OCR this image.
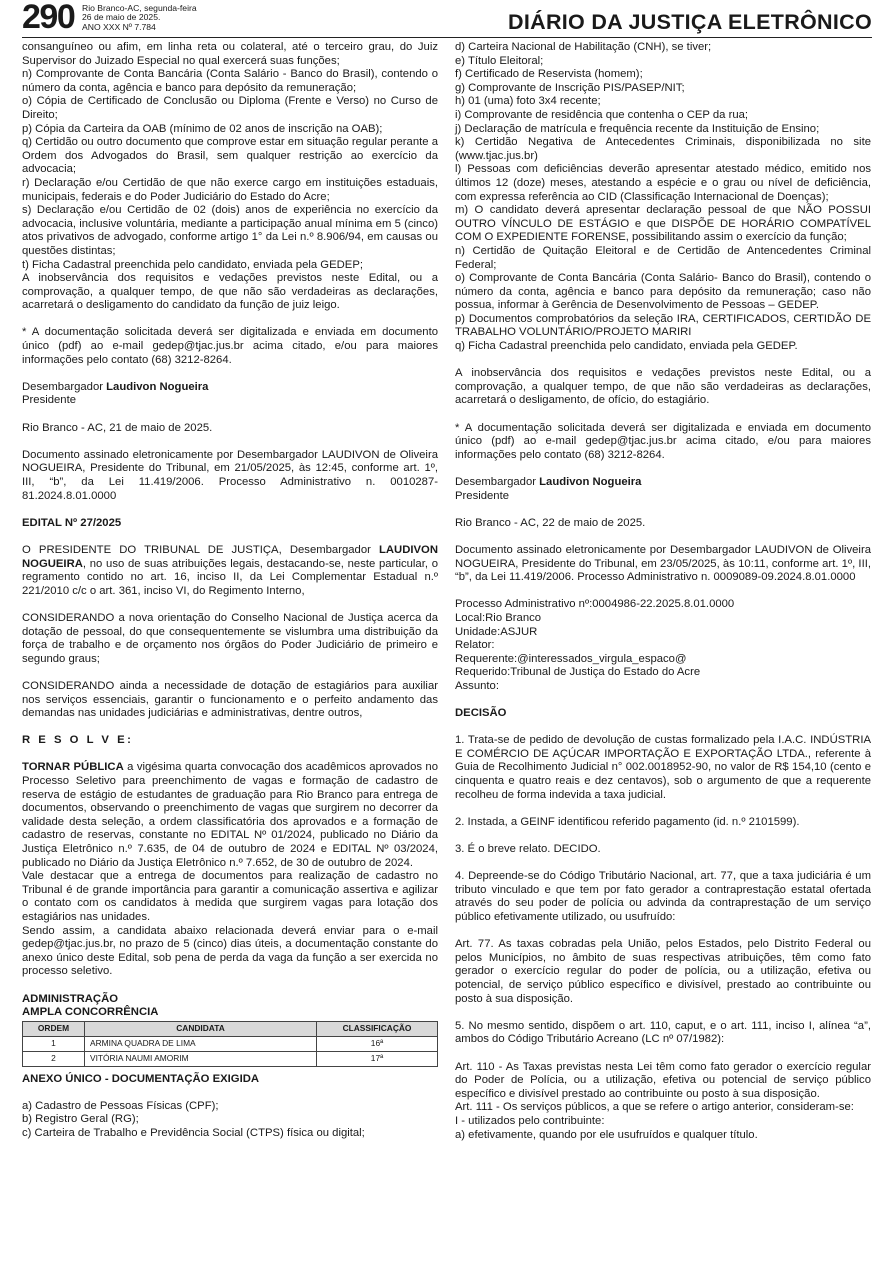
290 Rio Branco-AC, segunda-feira
26 de maio de 2025.
ANO XXX Nº 7.784	DIÁRIO DA JUSTIÇA ELETRÔNICO

consanguíneo ou afim, em linha reta ou colateral, até o terceiro grau, do Juiz Supervisor do Juizado Especial no qual exercerá suas funções;

n) Comprovante de Conta Bancária (Conta Salário - Banco do Brasil), contendo o número da conta, agência e banco para depósito da remuneração;

o) Cópia de Certificado de Conclusão ou Diploma (Frente e Verso) no Curso de Direito;

p) Cópia da Carteira da OAB (mínimo de 02 anos de inscrição na OAB);

q) Certidão ou outro documento que comprove estar em situação regular perante a Ordem dos Advogados do Brasil, sem qualquer restrição ao exercício da advocacia;

r) Declaração e/ou Certidão de que não exerce cargo em instituições estaduais, municipais, federais e do Poder Judiciário do Estado do Acre;

s) Declaração e/ou Certidão de 02 (dois) anos de experiência no exercício da advocacia, inclusive voluntária, mediante a participação anual mínima em 5 (cinco) atos privativos de advogado, conforme artigo 1° da Lei n.º 8.906/94, em causas ou questões distintas;

t) Ficha Cadastral preenchida pelo candidato, enviada pela GEDEP;

A inobservância dos requisitos e vedações previstos neste Edital, ou a comprovação, a qualquer tempo, de que não são verdadeiras as declarações, acarretará o desligamento do candidato da função de juiz leigo.

* A documentação solicitada deverá ser digitalizada e enviada em documento único (pdf) ao e-mail gedep@tjac.jus.br acima citado, e/ou para maiores informações pelo contato (68) 3212-8264.

Desembargador Laudivon Nogueira

Presidente

Rio Branco - AC, 21 de maio de 2025.

Documento assinado eletronicamente por Desembargador LAUDIVON de Oliveira NOGUEIRA, Presidente do Tribunal, em 21/05/2025, às 12:45, conforme art. 1º, III, “b”, da Lei 11.419/2006. Processo Administrativo n. 0010287-81.2024.8.01.0000

EDITAL Nº 27/2025

O PRESIDENTE DO TRIBUNAL DE JUSTIÇA, Desembargador LAUDIVON NOGUEIRA, no uso de suas atribuições legais, destacando-se, neste particular, o regramento contido no art. 16, inciso II, da Lei Complementar Estadual n.º 221/2010 c/c o art. 361, inciso VI, do Regimento Interno,

CONSIDERANDO a nova orientação do Conselho Nacional de Justiça acerca da dotação de pessoal, do que consequentemente se vislumbra uma distribuição da força de trabalho e de orçamento nos órgãos do Poder Judiciário de primeiro e segundo graus;

CONSIDERANDO ainda a necessidade de dotação de estagiários para auxiliar nos serviços essenciais, garantir o funcionamento e o perfeito andamento das demandas nas unidades judiciárias e administrativas, dentre outros,

R E S O L V E:

TORNAR PÚBLICA a vigésima quarta convocação dos acadêmicos aprovados no Processo Seletivo para preenchimento de vagas e formação de cadastro de reserva de estágio de estudantes de graduação para Rio Branco para entrega de documentos, observando o preenchimento de vagas que surgirem no decorrer da validade desta seleção, a ordem classificatória dos aprovados e a formação de cadastro de reservas, constante no EDITAL Nº 01/2024, publicado no Diário da Justiça Eletrônico n.º 7.635, de 04 de outubro de 2024 e EDITAL Nº 03/2024, publicado no Diário da Justiça Eletrônico n.º 7.652, de 30 de outubro de 2024.

Vale destacar que a entrega de documentos para realização de cadastro no Tribunal é de grande importância para garantir a comunicação assertiva e agilizar o contato com os candidatos à medida que surgirem vagas para lotação dos estagiários nas unidades.

Sendo assim, a candidata abaixo relacionada deverá enviar para o e-mail gedep@tjac.jus.br, no prazo de 5 (cinco) dias úteis, a documentação constante do anexo único deste Edital, sob pena de perda da vaga da função a ser exercida no processo seletivo.

ADMINISTRAÇÃO

AMPLA CONCORRÊNCIA

ORDEM	CANDIDATA	CLASSIFICAÇÃO
1	ARMINA QUADRA DE LIMA	16ª
2	VITÓRIA NAUMI AMORIM	17ª

ANEXO ÚNICO - DOCUMENTAÇÃO EXIGIDA

a) Cadastro de Pessoas Físicas (CPF);

b) Registro Geral (RG);

c) Carteira de Trabalho e Previdência Social (CTPS) física ou digital;

d) Carteira Nacional de Habilitação (CNH), se tiver;

e) Título Eleitoral;

f) Certificado de Reservista (homem);

g) Comprovante de Inscrição PIS/PASEP/NIT;

h) 01 (uma) foto 3x4 recente;

i) Comprovante de residência que contenha o CEP da rua;

j) Declaração de matrícula e frequência recente da Instituição de Ensino;

k) Certidão Negativa de Antecedentes Criminais, disponibilizada no site (www.tjac.jus.br)

l) Pessoas com deficiências deverão apresentar atestado médico, emitido nos últimos 12 (doze) meses, atestando a espécie e o grau ou nível de deficiência, com expressa referência ao CID (Classificação Internacional de Doenças);

m) O candidato deverá apresentar declaração pessoal de que NÃO POSSUI OUTRO VÍNCULO DE ESTÁGIO e que DISPÕE DE HORÁRIO COMPATÍVEL COM O EXPEDIENTE FORENSE, possibilitando assim o exercício da função;

n) Certidão de Quitação Eleitoral e de Certidão de Antencedentes Criminal Federal;

o) Comprovante de Conta Bancária (Conta Salário- Banco do Brasil), contendo o número da conta, agência e banco para depósito da remuneração; caso não possua, informar à Gerência de Desenvolvimento de Pessoas – GEDEP.

p) Documentos comprobatórios da seleção IRA, CERTIFICADOS, CERTIDÃO DE TRABALHO VOLUNTÁRIO/PROJETO MARIRI

q) Ficha Cadastral preenchida pelo candidato, enviada pela GEDEP.

A inobservância dos requisitos e vedações previstos neste Edital, ou a comprovação, a qualquer tempo, de que não são verdadeiras as declarações, acarretará o desligamento, de ofício, do estagiário.

* A documentação solicitada deverá ser digitalizada e enviada em documento único (pdf) ao e-mail gedep@tjac.jus.br acima citado, e/ou para maiores informações pelo contato (68) 3212-8264.

Desembargador Laudivon Nogueira

Presidente

Rio Branco - AC, 22 de maio de 2025.

Documento assinado eletronicamente por Desembargador LAUDIVON de Oliveira NOGUEIRA, Presidente do Tribunal, em 23/05/2025, às 10:11, conforme art. 1º, III, “b”, da Lei 11.419/2006. Processo Administrativo n. 0009089-09.2024.8.01.0000

Processo Administrativo nº:0004986-22.2025.8.01.0000

Local:Rio Branco

Unidade:ASJUR

Relator:

Requerente:@interessados_virgula_espaco@

Requerido:Tribunal de Justiça do Estado do Acre

Assunto:

DECISÃO

1. Trata-se de pedido de devolução de custas formalizado pela I.A.C. INDÚSTRIA E COMÉRCIO DE AÇÚCAR IMPORTAÇÃO E EXPORTAÇÃO LTDA., referente à Guia de Recolhimento Judicial n° 002.0018952-90, no valor de R$ 154,10 (cento e cinquenta e quatro reais e dez centavos), sob o argumento de que a requerente recolheu de forma indevida a taxa judicial.

2. Instada, a GEINF identificou referido pagamento (id. n.º 2101599).

3. É o breve relato. DECIDO.

4. Depreende-se do Código Tributário Nacional, art. 77, que a taxa judiciária é um tributo vinculado e que tem por fato gerador a contraprestação estatal ofertada através do seu poder de polícia ou advinda da contraprestação de um serviço público efetivamente utilizado, ou usufruído:

Art. 77. As taxas cobradas pela União, pelos Estados, pelo Distrito Federal ou pelos Municípios, no âmbito de suas respectivas atribuições, têm como fato gerador o exercício regular do poder de polícia, ou a utilização, efetiva ou potencial, de serviço público específico e divisível, prestado ao contribuinte ou posto à sua disposição.

5. No mesmo sentido, dispõem o art. 110, caput, e o art. 111, inciso I, alínea “a”, ambos do Código Tributário Acreano (LC nº 07/1982):

Art. 110 - As Taxas previstas nesta Lei têm como fato gerador o exercício regular do Poder de Polícia, ou a utilização, efetiva ou potencial de serviço público específico e divisível prestado ao contribuinte ou posto à sua disposição.

Art. 111 - Os serviços públicos, a que se refere o artigo anterior, consideram-se:

I - utilizados pelo contribuinte:

a) efetivamente, quando por ele usufruídos e qualquer título.
